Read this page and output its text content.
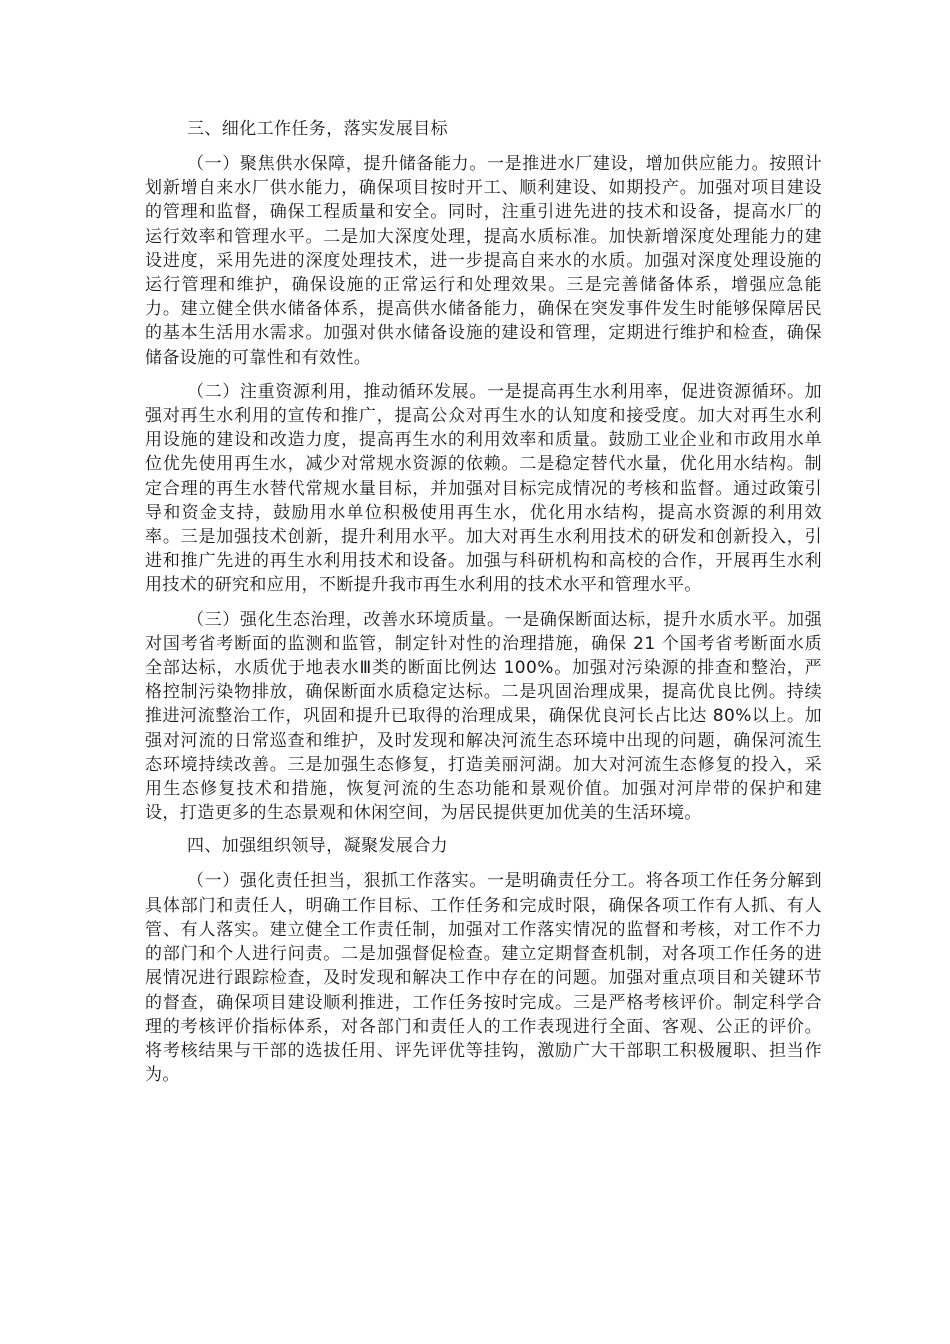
三、细化工作任务，落实发展目标

（一）聚焦供水保障，提升储备能力。一是推进水厂建设，增加供应能力。按照计划新增自来水厂供水能力，确保项目按时开工、顺利建设、如期投产。加强对项目建设的管理和监督，确保工程质量和安全。同时，注重引进先进的技术和设备，提高水厂的运行效率和管理水平。二是加大深度处理，提高水质标准。加快新增深度处理能力的建设进度，采用先进的深度处理技术，进一步提高自来水的水质。加强对深度处理设施的运行管理和维护，确保设施的正常运行和处理效果。三是完善储备体系，增强应急能力。建立健全供水储备体系，提高供水储备能力，确保在突发事件发生时能够保障居民的基本生活用水需求。加强对供水储备设施的建设和管理，定期进行维护和检查，确保储备设施的可靠性和有效性。

（二）注重资源利用，推动循环发展。一是提高再生水利用率，促进资源循环。加强对再生水利用的宣传和推广，提高公众对再生水的认知度和接受度。加大对再生水利用设施的建设和改造力度，提高再生水的利用效率和质量。鼓励工业企业和市政用水单位优先使用再生水，减少对常规水资源的依赖。二是稳定替代水量，优化用水结构。制定合理的再生水替代常规水量目标，并加强对目标完成情况的考核和监督。通过政策引导和资金支持，鼓励用水单位积极使用再生水，优化用水结构，提高水资源的利用效率。三是加强技术创新，提升利用水平。加大对再生水利用技术的研发和创新投入，引进和推广先进的再生水利用技术和设备。加强与科研机构和高校的合作，开展再生水利用技术的研究和应用，不断提升我市再生水利用的技术水平和管理水平。

（三）强化生态治理，改善水环境质量。一是确保断面达标，提升水质水平。加强对国考省考断面的监测和监管，制定针对性的治理措施，确保 21 个国考省考断面水质全部达标，水质优于地表水Ⅲ类的断面比例达 100%。加强对污染源的排查和整治，严格控制污染物排放，确保断面水质稳定达标。二是巩固治理成果，提高优良比例。持续推进河流整治工作，巩固和提升已取得的治理成果，确保优良河长占比达 80%以上。加强对河流的日常巡查和维护，及时发现和解决河流生态环境中出现的问题，确保河流生态环境持续改善。三是加强生态修复，打造美丽河湖。加大对河流生态修复的投入，采用生态修复技术和措施，恢复河流的生态功能和景观价值。加强对河岸带的保护和建设，打造更多的生态景观和休闲空间，为居民提供更加优美的生活环境。

四、加强组织领导，凝聚发展合力

（一）强化责任担当，狠抓工作落实。一是明确责任分工。将各项工作任务分解到具体部门和责任人，明确工作目标、工作任务和完成时限，确保各项工作有人抓、有人管、有人落实。建立健全工作责任制，加强对工作落实情况的监督和考核，对工作不力的部门和个人进行问责。二是加强督促检查。建立定期督查机制，对各项工作任务的进展情况进行跟踪检查，及时发现和解决工作中存在的问题。加强对重点项目和关键环节的督查，确保项目建设顺利推进，工作任务按时完成。三是严格考核评价。制定科学合理的考核评价指标体系，对各部门和责任人的工作表现进行全面、客观、公正的评价。将考核结果与干部的选拔任用、评先评优等挂钩，激励广大干部职工积极履职、担当作为。
